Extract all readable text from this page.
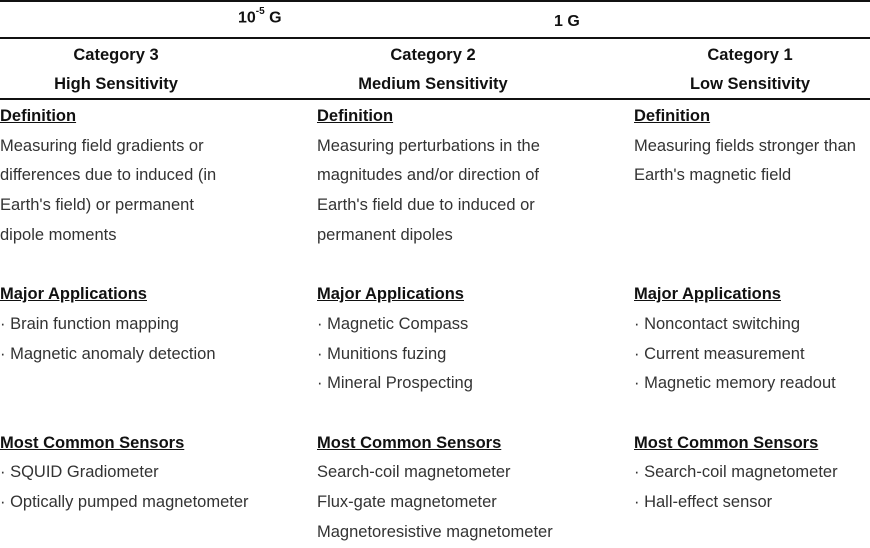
$10^{-5}$ G	1 G
Category 3
High Sensitivity
Definition
Measuring field gradients or
differences due to induced (in
Earth's field) or permanent
dipole moments

Major Applications
· Brain function mapping
· Magnetic anomaly detection

Most Common Sensors
· SQUID Gradiometer
· Optically pumped magnetometer
Category 2
Medium Sensitivity
Definition
Measuring perturbations in the
magnitudes and/or direction of
Earth's field due to induced or
permanent dipoles

Major Applications
· Magnetic Compass
· Munitions fuzing
· Mineral Prospecting

Most Common Sensors
Search-coil magnetometer
Flux-gate magnetometer
Magnetoresistive magnetometer
Category 1
Low Sensitivity
Definition
Measuring fields stronger than
Earth's magnetic field

Major Applications
· Noncontact switching
· Current measurement
· Magnetic memory readout

Most Common Sensors
· Search-coil magnetometer
· Hall-effect sensor
